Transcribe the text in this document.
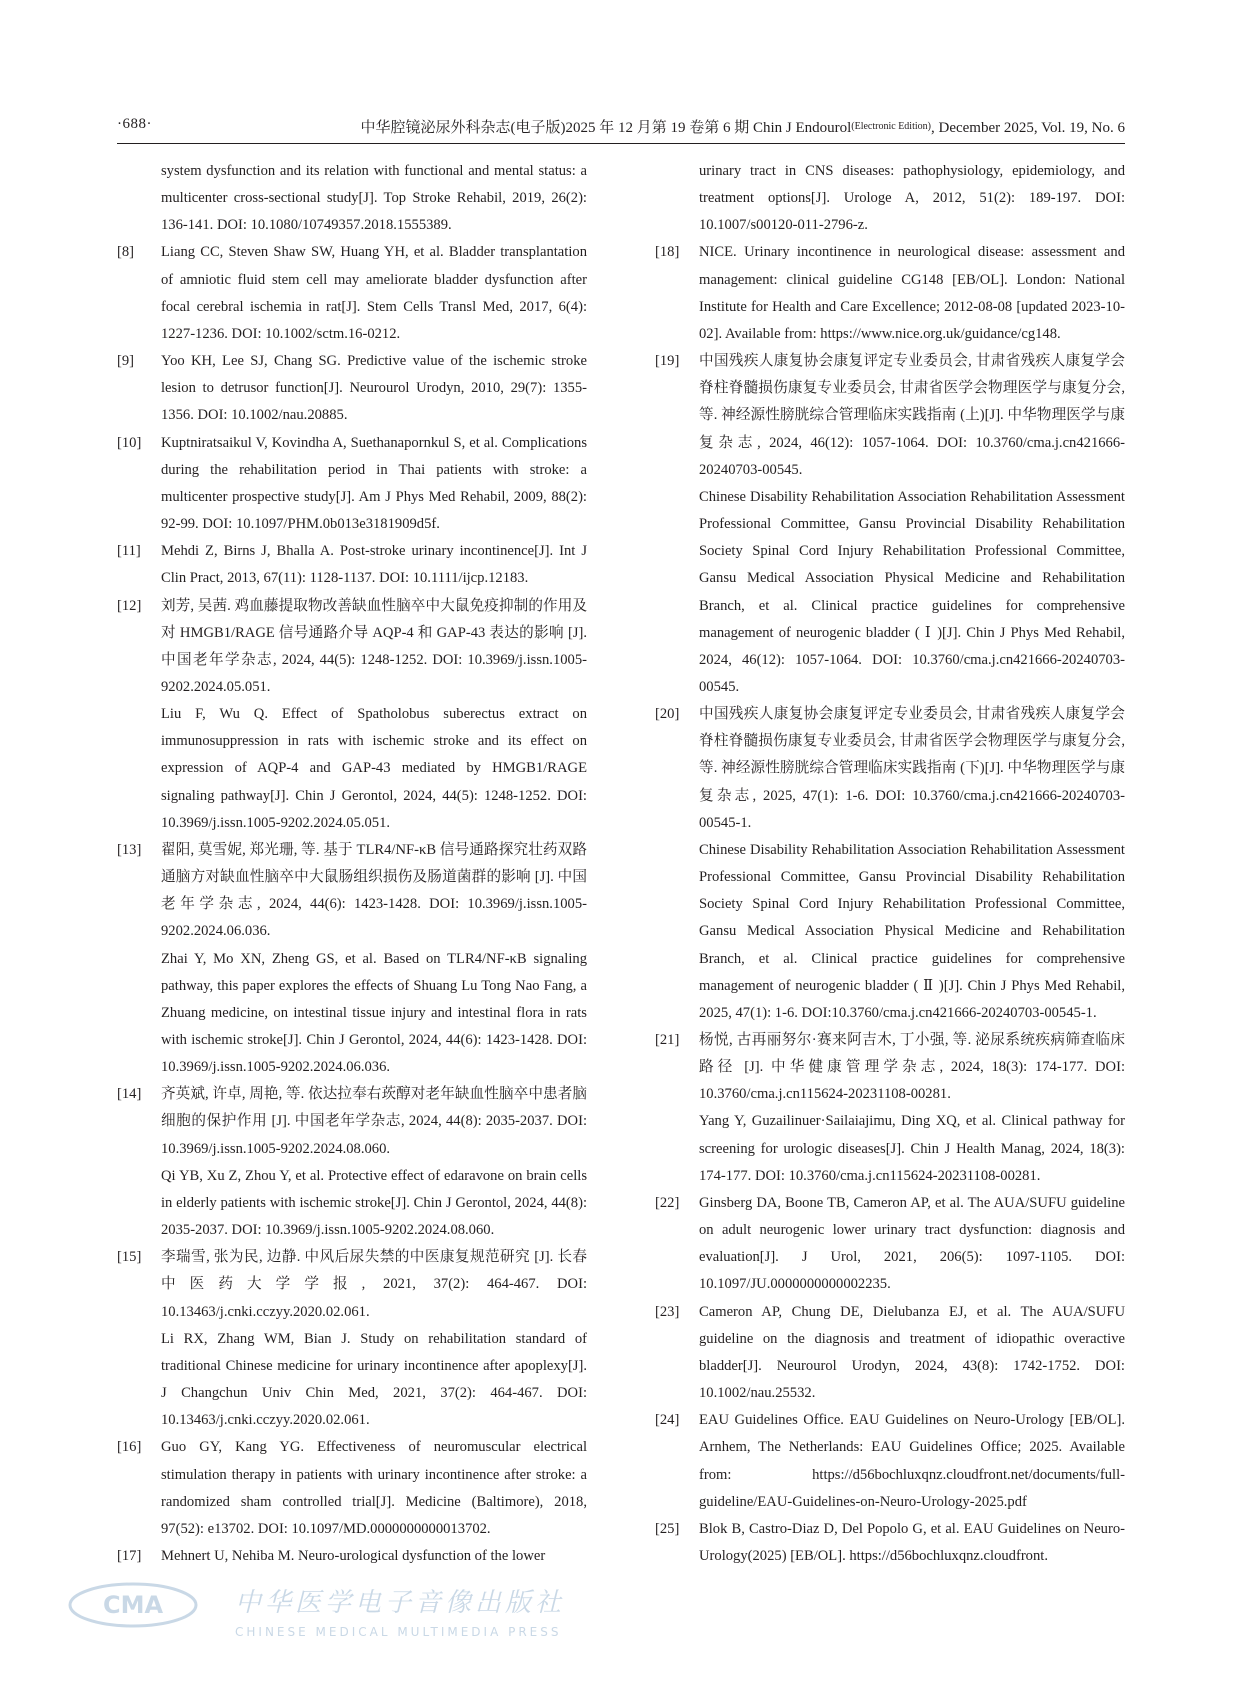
·688·	中华腔镜泌尿外科杂志(电子版)2025 年 12 月第 19 卷第 6 期 Chin J Endourol$^{(Electronic Edition)}$, December 2025, Vol. 19, No. 6

system dysfunction and its relation with functional and mental status: a multicenter cross-sectional study[J]. Top Stroke Rehabil, 2019, 26(2): 136-141. DOI: 10.1080/10749357.2018.1555389.

[8] Liang CC, Steven Shaw SW, Huang YH, et al. Bladder transplantation of amniotic fluid stem cell may ameliorate bladder dysfunction after focal cerebral ischemia in rat[J]. Stem Cells Transl Med, 2017, 6(4): 1227-1236. DOI: 10.1002/sctm.16-0212.

[9] Yoo KH, Lee SJ, Chang SG. Predictive value of the ischemic stroke lesion to detrusor function[J]. Neurourol Urodyn, 2010, 29(7): 1355-1356. DOI: 10.1002/nau.20885.

[10] Kuptniratsaikul V, Kovindha A, Suethanapornkul S, et al. Complications during the rehabilitation period in Thai patients with stroke: a multicenter prospective study[J]. Am J Phys Med Rehabil, 2009, 88(2): 92-99. DOI: 10.1097/PHM.0b013e3181909d5f.

[11] Mehdi Z, Birns J, Bhalla A. Post-stroke urinary incontinence[J]. Int J Clin Pract, 2013, 67(11): 1128-1137. DOI: 10.1111/ijcp.12183.

[12] 刘芳, 吴茜. 鸡血藤提取物改善缺血性脑卒中大鼠免疫抑制的作用及对 HMGB1/RAGE 信号通路介导 AQP-4 和 GAP-43 表达的影响 [J]. 中国老年学杂志, 2024, 44(5): 1248-1252. DOI: 10.3969/j.issn.1005-9202.2024.05.051.

Liu F, Wu Q. Effect of Spatholobus suberectus extract on immunosuppression in rats with ischemic stroke and its effect on expression of AQP-4 and GAP-43 mediated by HMGB1/RAGE signaling pathway[J]. Chin J Gerontol, 2024, 44(5): 1248-1252. DOI: 10.3969/j.issn.1005-9202.2024.05.051.

[13] 翟阳, 莫雪妮, 郑光珊, 等. 基于 TLR4/NF-κB 信号通路探究壮药双路通脑方对缺血性脑卒中大鼠肠组织损伤及肠道菌群的影响 [J]. 中国老年学杂志, 2024, 44(6): 1423-1428. DOI: 10.3969/j.issn.1005-9202.2024.06.036.

Zhai Y, Mo XN, Zheng GS, et al. Based on TLR4/NF-κB signaling pathway, this paper explores the effects of Shuang Lu Tong Nao Fang, a Zhuang medicine, on intestinal tissue injury and intestinal flora in rats with ischemic stroke[J]. Chin J Gerontol, 2024, 44(6): 1423-1428. DOI: 10.3969/j.issn.1005-9202.2024.06.036.

[14] 齐英斌, 许卓, 周艳, 等. 依达拉奉右莰醇对老年缺血性脑卒中患者脑细胞的保护作用 [J]. 中国老年学杂志, 2024, 44(8): 2035-2037. DOI: 10.3969/j.issn.1005-9202.2024.08.060.

Qi YB, Xu Z, Zhou Y, et al. Protective effect of edaravone on brain cells in elderly patients with ischemic stroke[J]. Chin J Gerontol, 2024, 44(8): 2035-2037. DOI: 10.3969/j.issn.1005-9202.2024.08.060.

[15] 李瑞雪, 张为民, 边静. 中风后尿失禁的中医康复规范研究 [J]. 长春中医药大学学报, 2021, 37(2): 464-467. DOI: 10.13463/j.cnki.cczyy.2020.02.061.

Li RX, Zhang WM, Bian J. Study on rehabilitation standard of traditional Chinese medicine for urinary incontinence after apoplexy[J]. J Changchun Univ Chin Med, 2021, 37(2): 464-467. DOI: 10.13463/j.cnki.cczyy.2020.02.061.

[16] Guo GY, Kang YG. Effectiveness of neuromuscular electrical stimulation therapy in patients with urinary incontinence after stroke: a randomized sham controlled trial[J]. Medicine (Baltimore), 2018, 97(52): e13702. DOI: 10.1097/MD.0000000000013702.

[17] Mehnert U, Nehiba M. Neuro-urological dysfunction of the lower

urinary tract in CNS diseases: pathophysiology, epidemiology, and treatment options[J]. Urologe A, 2012, 51(2): 189-197. DOI: 10.1007/s00120-011-2796-z.

[18] NICE. Urinary incontinence in neurological disease: assessment and management: clinical guideline CG148 [EB/OL]. London: National Institute for Health and Care Excellence; 2012-08-08 [updated 2023-10-02]. Available from: https://www.nice.org.uk/guidance/cg148.

[19] 中国残疾人康复协会康复评定专业委员会, 甘肃省残疾人康复学会脊柱脊髓损伤康复专业委员会, 甘肃省医学会物理医学与康复分会, 等. 神经源性膀胱综合管理临床实践指南 (上)[J]. 中华物理医学与康复杂志, 2024, 46(12): 1057-1064. DOI: 10.3760/cma.j.cn421666-20240703-00545.

Chinese Disability Rehabilitation Association Rehabilitation Assessment Professional Committee, Gansu Provincial Disability Rehabilitation Society Spinal Cord Injury Rehabilitation Professional Committee, Gansu Medical Association Physical Medicine and Rehabilitation Branch, et al. Clinical practice guidelines for comprehensive management of neurogenic bladder ( Ⅰ )[J]. Chin J Phys Med Rehabil, 2024, 46(12): 1057-1064. DOI: 10.3760/cma.j.cn421666-20240703-00545.

[20] 中国残疾人康复协会康复评定专业委员会, 甘肃省残疾人康复学会脊柱脊髓损伤康复专业委员会, 甘肃省医学会物理医学与康复分会, 等. 神经源性膀胱综合管理临床实践指南 (下)[J]. 中华物理医学与康复杂志, 2025, 47(1): 1-6. DOI: 10.3760/cma.j.cn421666-20240703-00545-1.

Chinese Disability Rehabilitation Association Rehabilitation Assessment Professional Committee, Gansu Provincial Disability Rehabilitation Society Spinal Cord Injury Rehabilitation Professional Committee, Gansu Medical Association Physical Medicine and Rehabilitation Branch, et al. Clinical practice guidelines for comprehensive management of neurogenic bladder ( Ⅱ )[J]. Chin J Phys Med Rehabil, 2025, 47(1): 1-6. DOI:10.3760/cma.j.cn421666-20240703-00545-1.

[21] 杨悦, 古再丽努尔·赛来阿吉木, 丁小强, 等. 泌尿系统疾病筛查临床路径 [J]. 中华健康管理学杂志, 2024, 18(3): 174-177. DOI: 10.3760/cma.j.cn115624-20231108-00281.

Yang Y, Guzailinuer·Sailaiajimu, Ding XQ, et al. Clinical pathway for screening for urologic diseases[J]. Chin J Health Manag, 2024, 18(3): 174-177. DOI: 10.3760/cma.j.cn115624-20231108-00281.

[22] Ginsberg DA, Boone TB, Cameron AP, et al. The AUA/SUFU guideline on adult neurogenic lower urinary tract dysfunction: diagnosis and evaluation[J]. J Urol, 2021, 206(5): 1097-1105. DOI: 10.1097/JU.0000000000002235.

[23] Cameron AP, Chung DE, Dielubanza EJ, et al. The AUA/SUFU guideline on the diagnosis and treatment of idiopathic overactive bladder[J]. Neurourol Urodyn, 2024, 43(8): 1742-1752. DOI: 10.1002/nau.25532.

[24] EAU Guidelines Office. EAU Guidelines on Neuro-Urology [EB/OL]. Arnhem, The Netherlands: EAU Guidelines Office; 2025. Available from: https://d56bochluxqnz.cloudfront.net/documents/full-guideline/EAU-Guidelines-on-Neuro-Urology-2025.pdf

[25] Blok B, Castro-Diaz D, Del Popolo G, et al. EAU Guidelines on Neuro-Urology(2025) [EB/OL]. https://d56bochluxqnz.cloudfront.

CMA	中华医学电子音像出版社
CHINESE MEDICAL MULTIMEDIA PRESS
